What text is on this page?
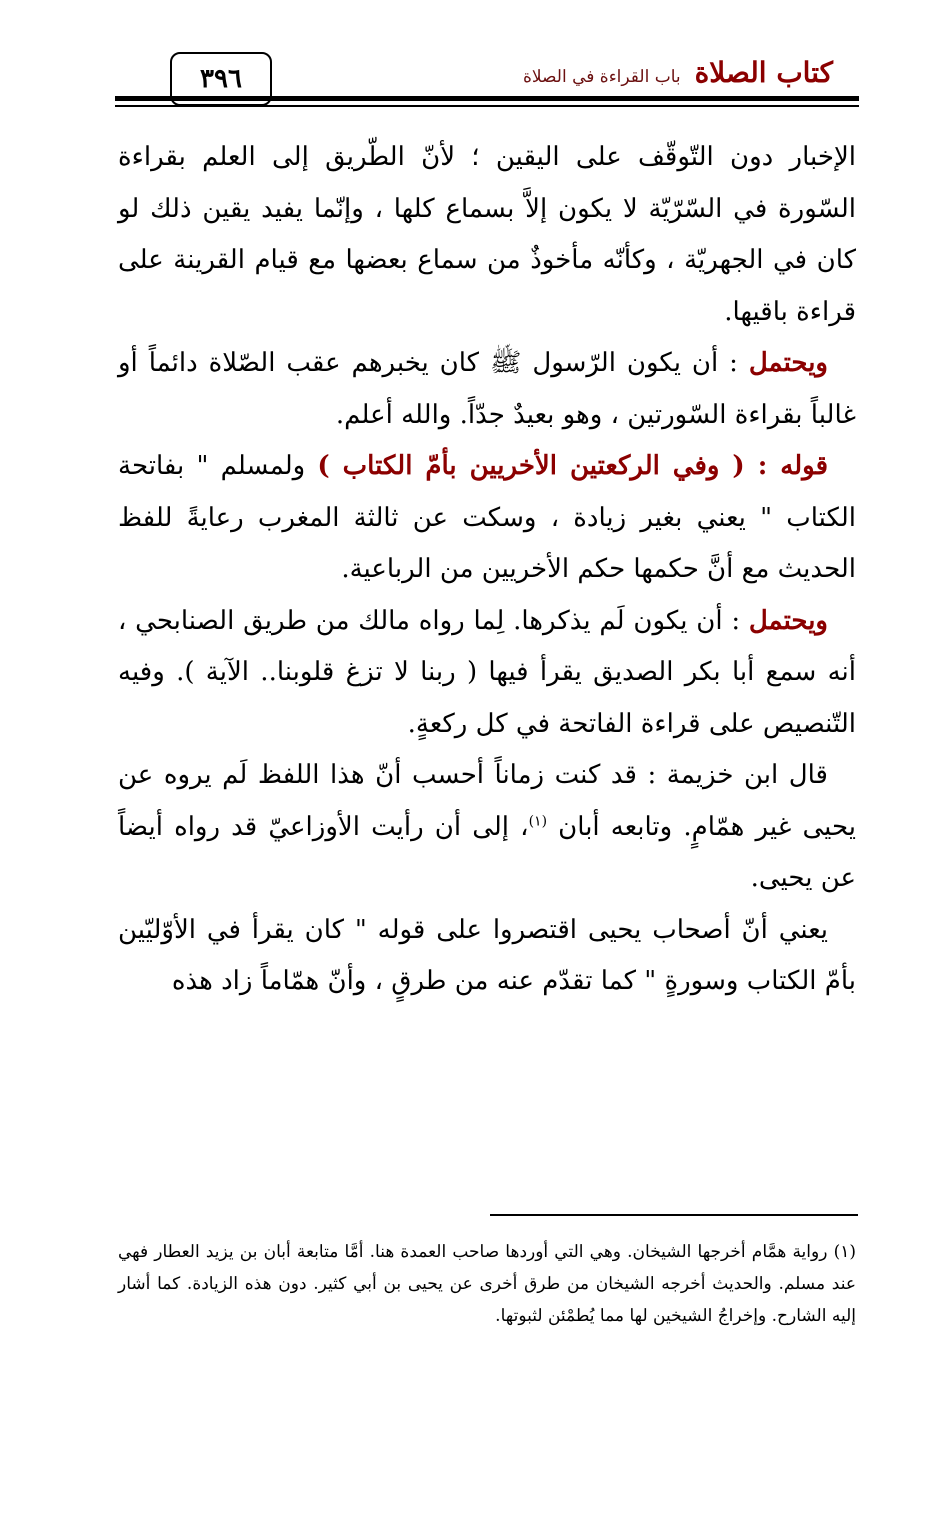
٣٩٦	كتاب الصلاة
باب القراءة في الصلاة

الإخبار دون التّوقّف على اليقين ؛ لأنّ الطّريق إلى العلم بقراءة السّورة في السّرّيّة لا يكون إلاَّ بسماع كلها ، وإنّما يفيد يقين ذلك لو كان في الجهريّة ، وكأنّه مأخوذٌ من سماع بعضها مع قيام القرينة على قراءة باقيها.

ويحتمل : أن يكون الرّسول ﷺ كان يخبرهم عقب الصّلاة دائماً أو غالباً بقراءة السّورتين ، وهو بعيدٌ جدّاً. والله أعلم.

قوله : ( وفي الركعتين الأخريين بأمّ الكتاب ) ولمسلم " بفاتحة الكتاب " يعني بغير زيادة ، وسكت عن ثالثة المغرب رعايةً للفظ الحديث مع أنَّ حكمها حكم الأخريين من الرباعية.

ويحتمل : أن يكون لَم يذكرها. لِما رواه مالك من طريق الصنابحي ، أنه سمع أبا بكر الصديق يقرأ فيها ( ربنا لا تزغ قلوبنا.. الآية ). وفيه التّنصيص على قراءة الفاتحة في كل ركعةٍ.

قال ابن خزيمة : قد كنت زماناً أحسب أنّ هذا اللفظ لَم يروه عن يحيى غير همّامٍ. وتابعه أبان $^{(١)}$، إلى أن رأيت الأوزاعيّ قد رواه أيضاً عن يحيى.

يعني أنّ أصحاب يحيى اقتصروا على قوله " كان يقرأ في الأوّليّين بأمّ الكتاب وسورةٍ " كما تقدّم عنه من طرقٍ ، وأنّ همّاماً زاد هذه

(١) رواية همَّام أخرجها الشيخان. وهي التي أوردها صاحب العمدة هنا. أمَّا متابعة أبان بن يزيد العطار فهي عند مسلم. والحديث أخرجه الشيخان من طرق أخرى عن يحيى بن أبي كثير. دون هذه الزيادة. كما أشار إليه الشارح. وإخراجُ الشيخين لها مما يُطمْئن لثبوتها.
